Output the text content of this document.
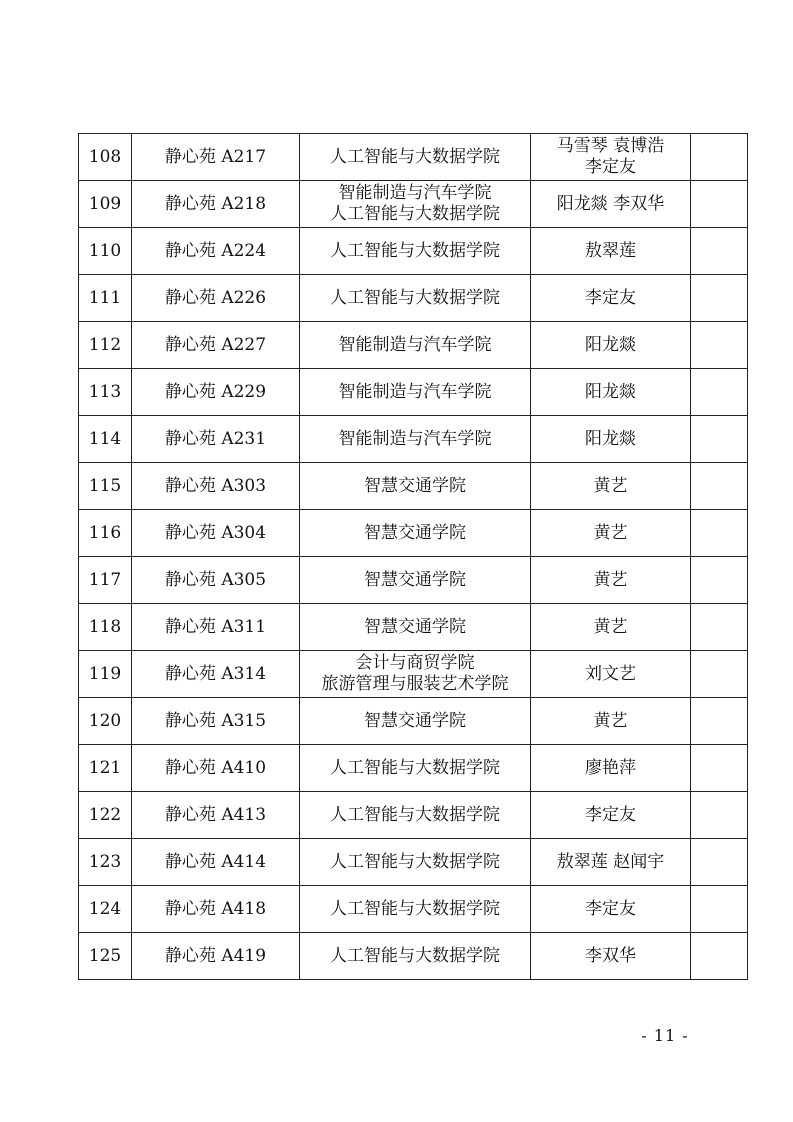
108	静心苑 A217	人工智能与大数据学院	马雪琴 袁博浩
李定友	

109	静心苑 A218	智能制造与汽车学院
人工智能与大数据学院	阳龙燚 李双华	

110	静心苑 A224	人工智能与大数据学院	敖翠莲	

111	静心苑 A226	人工智能与大数据学院	李定友	

112	静心苑 A227	智能制造与汽车学院	阳龙燚	

113	静心苑 A229	智能制造与汽车学院	阳龙燚	

114	静心苑 A231	智能制造与汽车学院	阳龙燚	

115	静心苑 A303	智慧交通学院	黄艺	

116	静心苑 A304	智慧交通学院	黄艺	

117	静心苑 A305	智慧交通学院	黄艺	

118	静心苑 A311	智慧交通学院	黄艺	

119	静心苑 A314	会计与商贸学院
旅游管理与服装艺术学院	刘文艺	

120	静心苑 A315	智慧交通学院	黄艺	

121	静心苑 A410	人工智能与大数据学院	廖艳萍	

122	静心苑 A413	人工智能与大数据学院	李定友	

123	静心苑 A414	人工智能与大数据学院	敖翠莲 赵闻宇	

124	静心苑 A418	人工智能与大数据学院	李定友	

125	静心苑 A419	人工智能与大数据学院	李双华	

- 11 -
